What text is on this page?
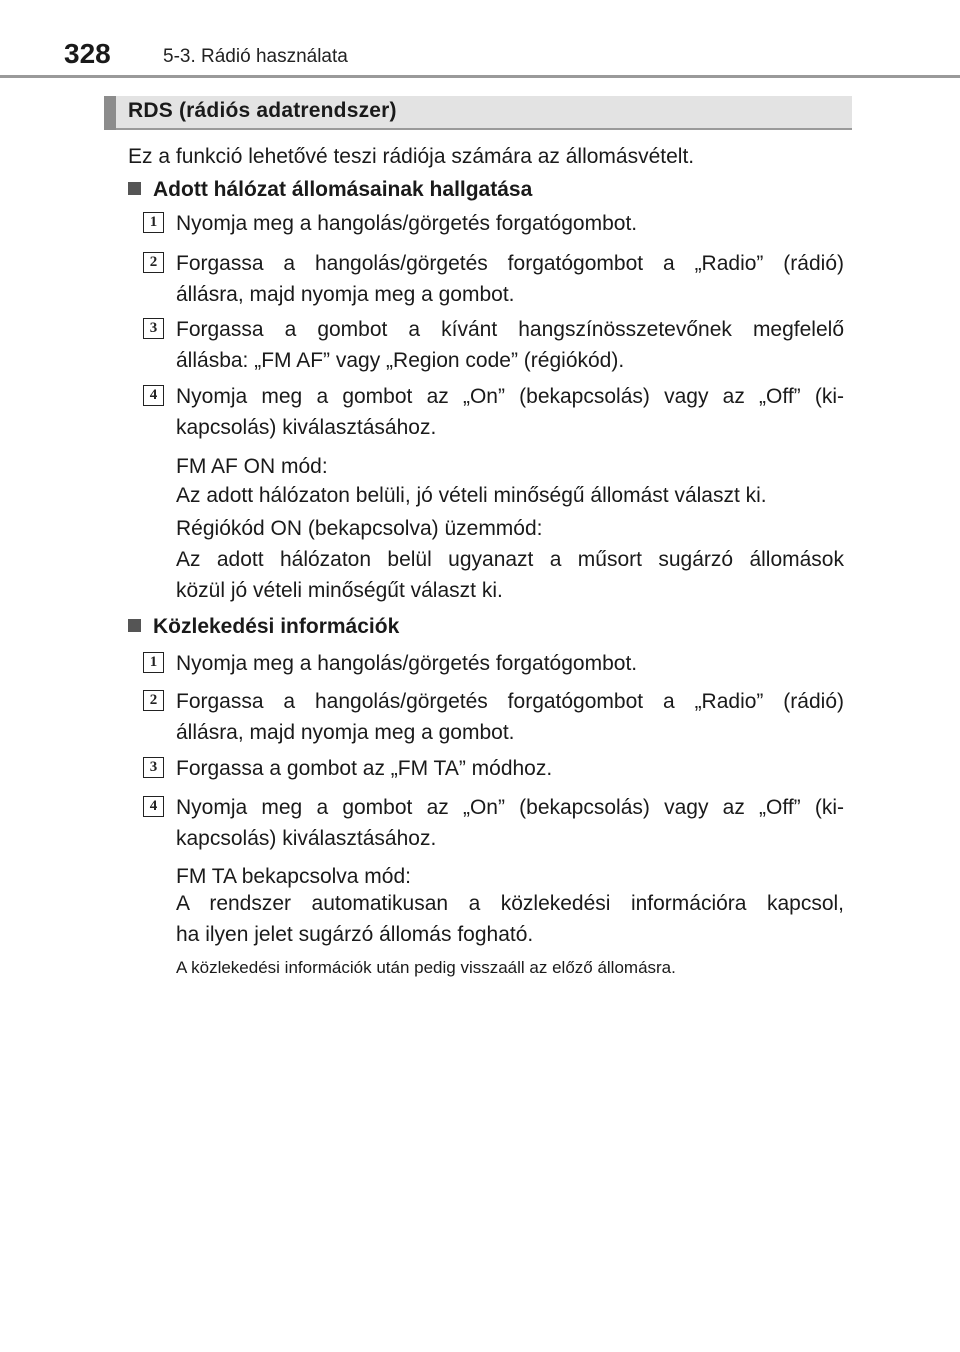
328	5-3. Rádió használata
RDS (rádiós adatrendszer)
Ez a funkció lehetővé teszi rádiója számára az állomásvételt.
Adott hálózat állomásainak hallgatása
1 Nyomja meg a hangolás/görgetés forgatógombot.
2 Forgassa a hangolás/görgetés forgatógombot a „Radio” (rádió)
állásra, majd nyomja meg a gombot.
3 Forgassa a gombot a kívánt hangszínösszetevőnek megfelelő
állásba: „FM AF” vagy „Region code” (régiókód).
4 Nyomja meg a gombot az „On” (bekapcsolás) vagy az „Off” (ki-
kapcsolás) kiválasztásához.
FM AF ON mód:
Az adott hálózaton belüli, jó vételi minőségű állomást választ ki.
Régiókód ON (bekapcsolva) üzemmód:
Az adott hálózaton belül ugyanazt a műsort sugárzó állomások
közül jó vételi minőségűt választ ki.
Közlekedési információk
1 Nyomja meg a hangolás/görgetés forgatógombot.
2 Forgassa a hangolás/görgetés forgatógombot a „Radio” (rádió)
állásra, majd nyomja meg a gombot.
3 Forgassa a gombot az „FM TA” módhoz.
4 Nyomja meg a gombot az „On” (bekapcsolás) vagy az „Off” (ki-
kapcsolás) kiválasztásához.
FM TA bekapcsolva mód:
A rendszer automatikusan a közlekedési információra kapcsol,
ha ilyen jelet sugárzó állomás fogható.
A közlekedési információk után pedig visszaáll az előző állomásra.
